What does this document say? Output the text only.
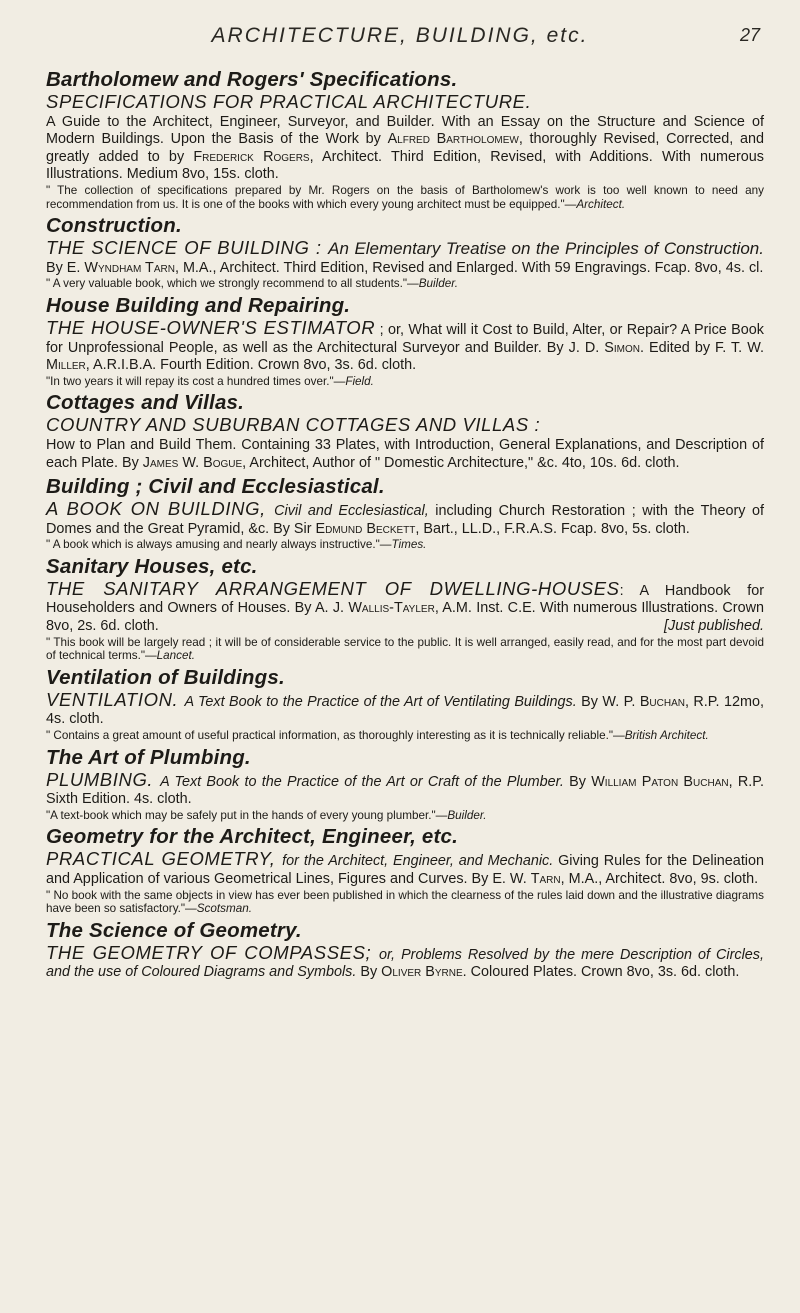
ARCHITECTURE, BUILDING, etc.	27
Bartholomew and Rogers' Specifications.

SPECIFICATIONS FOR PRACTICAL ARCHITECTURE.
A Guide to the Architect, Engineer, Surveyor, and Builder. With an Essay on the Structure and Science of Modern Buildings. Upon the Basis of the Work by Alfred Bartholomew, thoroughly Revised, Corrected, and greatly added to by Frederick Rogers, Architect. Third Edition, Revised, with Additions. With numerous Illustrations. Medium 8vo, 15s. cloth.

" The collection of specifications prepared by Mr. Rogers on the basis of Bartholomew's work is too well known to need any recommendation from us. It is one of the books with which every young architect must be equipped."—Architect.

Construction.

THE SCIENCE OF BUILDING : An Elementary Treatise on the Principles of Construction. By E. Wyndham Tarn, M.A., Architect. Third Edition, Revised and Enlarged. With 59 Engravings. Fcap. 8vo, 4s. cl.

" A very valuable book, which we strongly recommend to all students."—Builder.

House Building and Repairing.

THE HOUSE-OWNER'S ESTIMATOR ; or, What will it Cost to Build, Alter, or Repair? A Price Book for Unprofessional People, as well as the Architectural Surveyor and Builder. By J. D. Simon. Edited by F. T. W. Miller, A.R.I.B.A. Fourth Edition. Crown 8vo, 3s. 6d. cloth.

"In two years it will repay its cost a hundred times over."—Field.

Cottages and Villas.

COUNTRY AND SUBURBAN COTTAGES AND VILLAS :
How to Plan and Build Them. Containing 33 Plates, with Introduction, General Explanations, and Description of each Plate. By James W. Bogue, Architect, Author of " Domestic Architecture," &c. 4to, 10s. 6d. cloth.

Building ; Civil and Ecclesiastical.

A BOOK ON BUILDING, Civil and Ecclesiastical, including Church Restoration ; with the Theory of Domes and the Great Pyramid, &c. By Sir Edmund Beckett, Bart., LL.D., F.R.A.S. Fcap. 8vo, 5s. cloth.

" A book which is always amusing and nearly always instructive."—Times.

Sanitary Houses, etc.

THE SANITARY ARRANGEMENT OF DWELLING-HOUSES: A Handbook for Householders and Owners of Houses. By A. J. Wallis-Tayler, A.M. Inst. C.E. With numerous Illustrations. Crown 8vo, 2s. 6d. cloth.	[Just published.

" This book will be largely read ; it will be of considerable service to the public. It is well arranged, easily read, and for the most part devoid of technical terms."—Lancet.

Ventilation of Buildings.

VENTILATION. A Text Book to the Practice of the Art of Ventilating Buildings. By W. P. Buchan, R.P. 12mo, 4s. cloth.

" Contains a great amount of useful practical information, as thoroughly interesting as it is technically reliable."—British Architect.

The Art of Plumbing.

PLUMBING. A Text Book to the Practice of the Art or Craft of the Plumber. By William Paton Buchan, R.P. Sixth Edition. 4s. cloth.

"A text-book which may be safely put in the hands of every young plumber."—Builder.

Geometry for the Architect, Engineer, etc.

PRACTICAL GEOMETRY, for the Architect, Engineer, and Mechanic. Giving Rules for the Delineation and Application of various Geometrical Lines, Figures and Curves. By E. W. Tarn, M.A., Architect. 8vo, 9s. cloth.

" No book with the same objects in view has ever been published in which the clearness of the rules laid down and the illustrative diagrams have been so satisfactory."—Scotsman.

The Science of Geometry.

THE GEOMETRY OF COMPASSES; or, Problems Resolved by the mere Description of Circles, and the use of Coloured Diagrams and Symbols. By Oliver Byrne. Coloured Plates. Crown 8vo, 3s. 6d. cloth.
